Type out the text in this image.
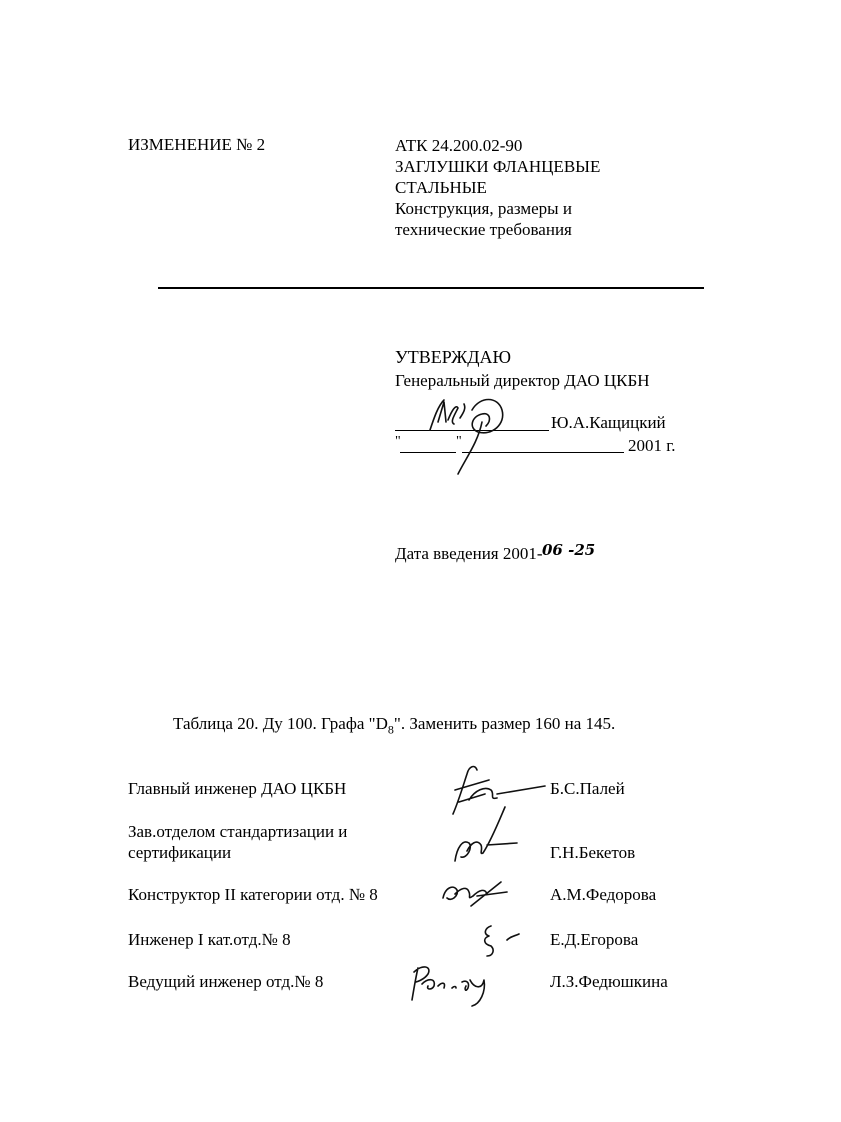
ИЗМЕНЕНИЕ № 2	АТК 24.200.02-90
ЗАГЛУШКИ ФЛАНЦЕВЫЕ
СТАЛЬНЫЕ
Конструкция, размеры и
технические требования
УТВЕРЖДАЮ
Генеральный директор ДАО ЦКБН
Ю.А.Кащицкий
"	"	2001 г.
Дата введения 2001- 06 -25
Таблица 20. Ду 100. Графа "$D_8$". Заменить размер 160 на 145.
Главный инженер ДАО ЦКБН	Б.С.Палей
Зав.отделом стандартизации и
сертификации	Г.Н.Бекетов
Конструктор II категории отд. № 8	А.М.Федорова
Инженер I кат.отд.№ 8	Е.Д.Егорова
Ведущий инженер отд.№ 8	Л.З.Федюшкина
